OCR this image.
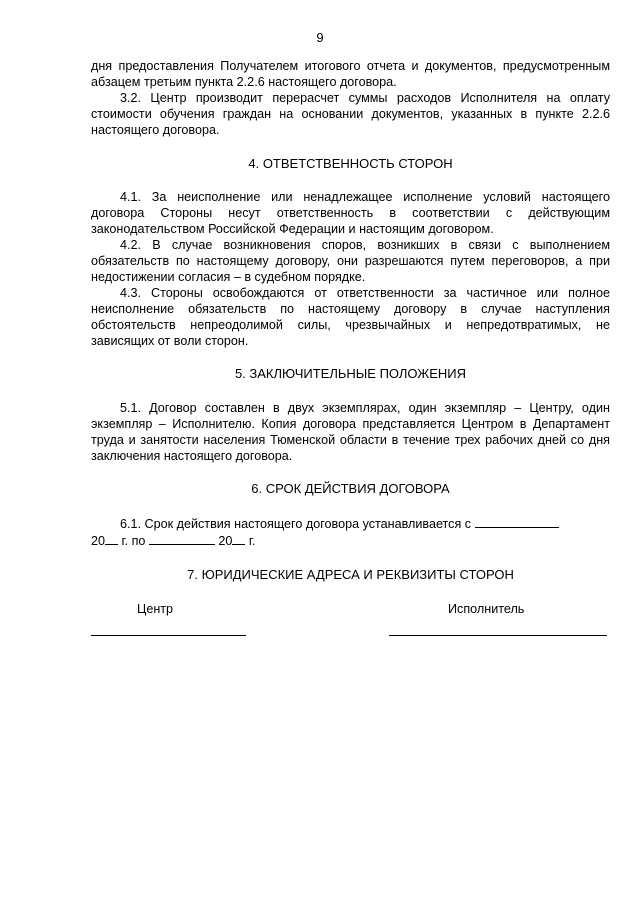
9

дня предоставления Получателем итогового отчета и документов, предусмотренным абзацем третьим пункта 2.2.6 настоящего договора.

3.2. Центр производит перерасчет суммы расходов Исполнителя на оплату стоимости обучения граждан на основании документов, указанных в пункте 2.2.6 настоящего договора.

4. ОТВЕТСТВЕННОСТЬ СТОРОН

4.1. За неисполнение или ненадлежащее исполнение условий настоящего договора Стороны несут ответственность в соответствии с действующим законодательством Российской Федерации и настоящим договором.

4.2. В случае возникновения споров, возникших в связи с выполнением обязательств по настоящему договору, они разрешаются путем переговоров, а при недостижении согласия – в судебном порядке.

4.3. Стороны освобождаются от ответственности за частичное или полное неисполнение обязательств по настоящему договору в случае наступления обстоятельств непреодолимой силы, чрезвычайных и непредотвратимых, не зависящих от воли сторон.

5. ЗАКЛЮЧИТЕЛЬНЫЕ ПОЛОЖЕНИЯ

5.1. Договор составлен в двух экземплярах, один экземпляр – Центру, один экземпляр – Исполнителю. Копия договора представляется Центром в Департамент труда и занятости населения Тюменской области в течение трех рабочих дней со дня заключения настоящего договора.

6. СРОК ДЕЙСТВИЯ ДОГОВОРА

6.1. Срок действия настоящего договора устанавливается с
20 г. по	20 г.

7. ЮРИДИЧЕСКИЕ АДРЕСА И РЕКВИЗИТЫ СТОРОН
Центр	Исполнитель
